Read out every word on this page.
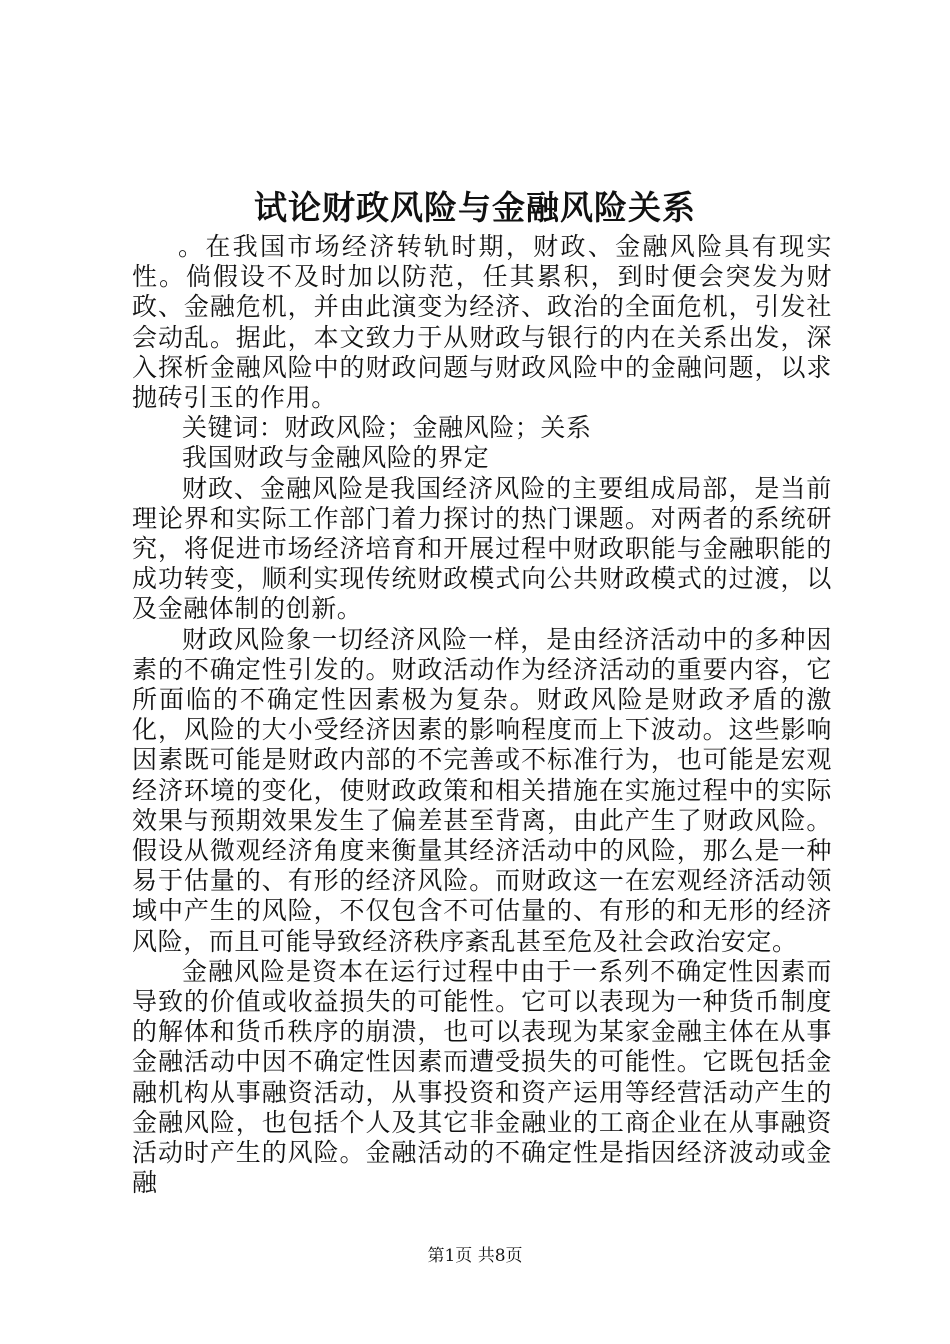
试论财政风险与金融风险关系

。在我国市场经济转轨时期，财政、金融风险具有现实性。倘假设不及时加以防范，任其累积，到时便会突发为财政、金融危机，并由此演变为经济、政治的全面危机，引发社会动乱。据此，本文致力于从财政与银行的内在关系出发，深入探析金融风险中的财政问题与财政风险中的金融问题，以求抛砖引玉的作用。

关键词：财政风险；金融风险；关系

我国财政与金融风险的界定

财政、金融风险是我国经济风险的主要组成局部，是当前理论界和实际工作部门着力探讨的热门课题。对两者的系统研究，将促进市场经济培育和开展过程中财政职能与金融职能的成功转变，顺利实现传统财政模式向公共财政模式的过渡，以及金融体制的创新。

财政风险象一切经济风险一样，是由经济活动中的多种因素的不确定性引发的。财政活动作为经济活动的重要内容，它所面临的不确定性因素极为复杂。财政风险是财政矛盾的激化，风险的大小受经济因素的影响程度而上下波动。这些影响因素既可能是财政内部的不完善或不标准行为，也可能是宏观经济环境的变化，使财政政策和相关措施在实施过程中的实际效果与预期效果发生了偏差甚至背离，由此产生了财政风险。假设从微观经济角度来衡量其经济活动中的风险，那么是一种易于估量的、有形的经济风险。而财政这一在宏观经济活动领域中产生的风险，不仅包含不可估量的、有形的和无形的经济风险，而且可能导致经济秩序紊乱甚至危及社会政治安定。

金融风险是资本在运行过程中由于一系列不确定性因素而导致的价值或收益损失的可能性。它可以表现为一种货币制度的解体和货币秩序的崩溃，也可以表现为某家金融主体在从事金融活动中因不确定性因素而遭受损失的可能性。它既包括金融机构从事融资活动，从事投资和资产运用等经营活动产生的金融风险，也包括个人及其它非金融业的工商企业在从事融资活动时产生的风险。金融活动的不确定性是指因经济波动或金融

第1页 共8页
